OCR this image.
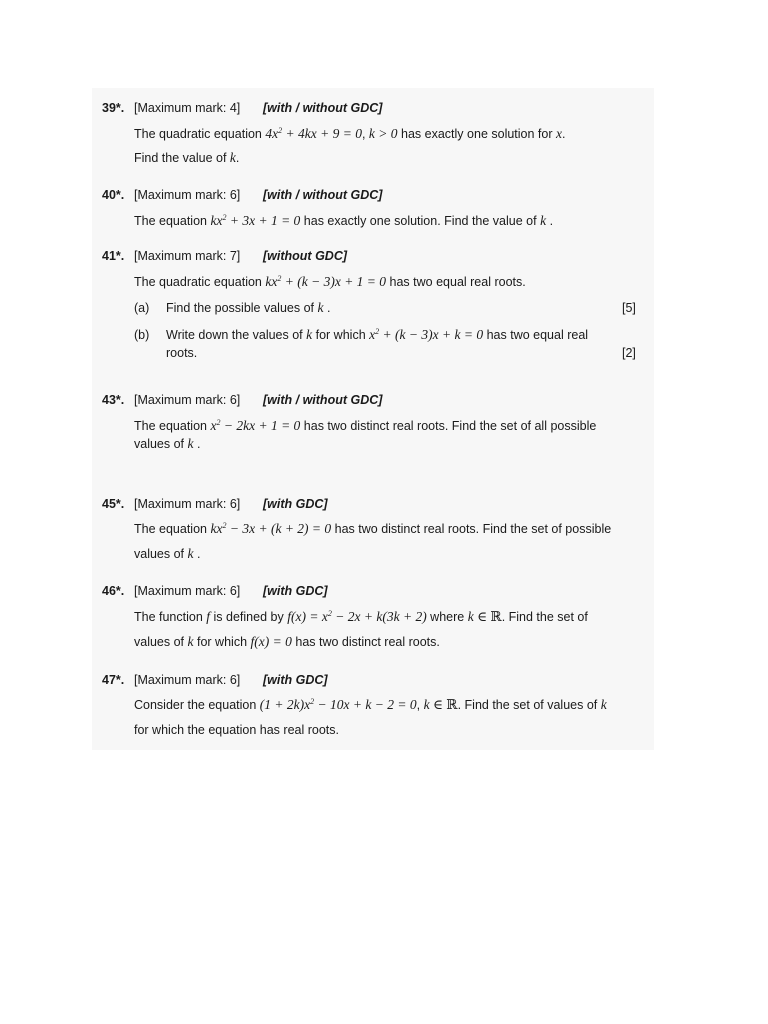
39*. [Maximum mark: 4] [with / without GDC]
The quadratic equation $4x^2 + 4kx + 9 = 0$, k > 0 has exactly one solution for x.
Find the value of k.
40*. [Maximum mark: 6] [with / without GDC]
The equation $kx^2 + 3x + 1 = 0$ has exactly one solution. Find the value of k .
41*. [Maximum mark: 7] [without GDC]
The quadratic equation $kx^2 + (k - 3)x + 1 = 0$ has two equal real roots.
(a) Find the possible values of k .	[5]
(b) Write down the values of k for which $x^2 + (k - 3)x + k = 0$ has two equal real
roots.	[2]
43*. [Maximum mark: 6] [with / without GDC]
The equation $x^2 - 2kx + 1 = 0$ has two distinct real roots. Find the set of all possible
values of k .
45*. [Maximum mark: 6] [with GDC]
The equation $kx^2 - 3x + (k + 2) = 0$ has two distinct real roots. Find the set of possible
values of k .
46*. [Maximum mark: 6] [with GDC]
The function f is defined by $f(x) = x^2 - 2x + k(3k + 2)$ where k ∈ ℝ. Find the set of
values of k for which f(x) = 0 has two distinct real roots.
47*. [Maximum mark: 6] [with GDC]
Consider the equation $(1 + 2k)x^2 - 10x + k - 2 = 0$, k ∈ ℝ. Find the set of values of k
for which the equation has real roots.
